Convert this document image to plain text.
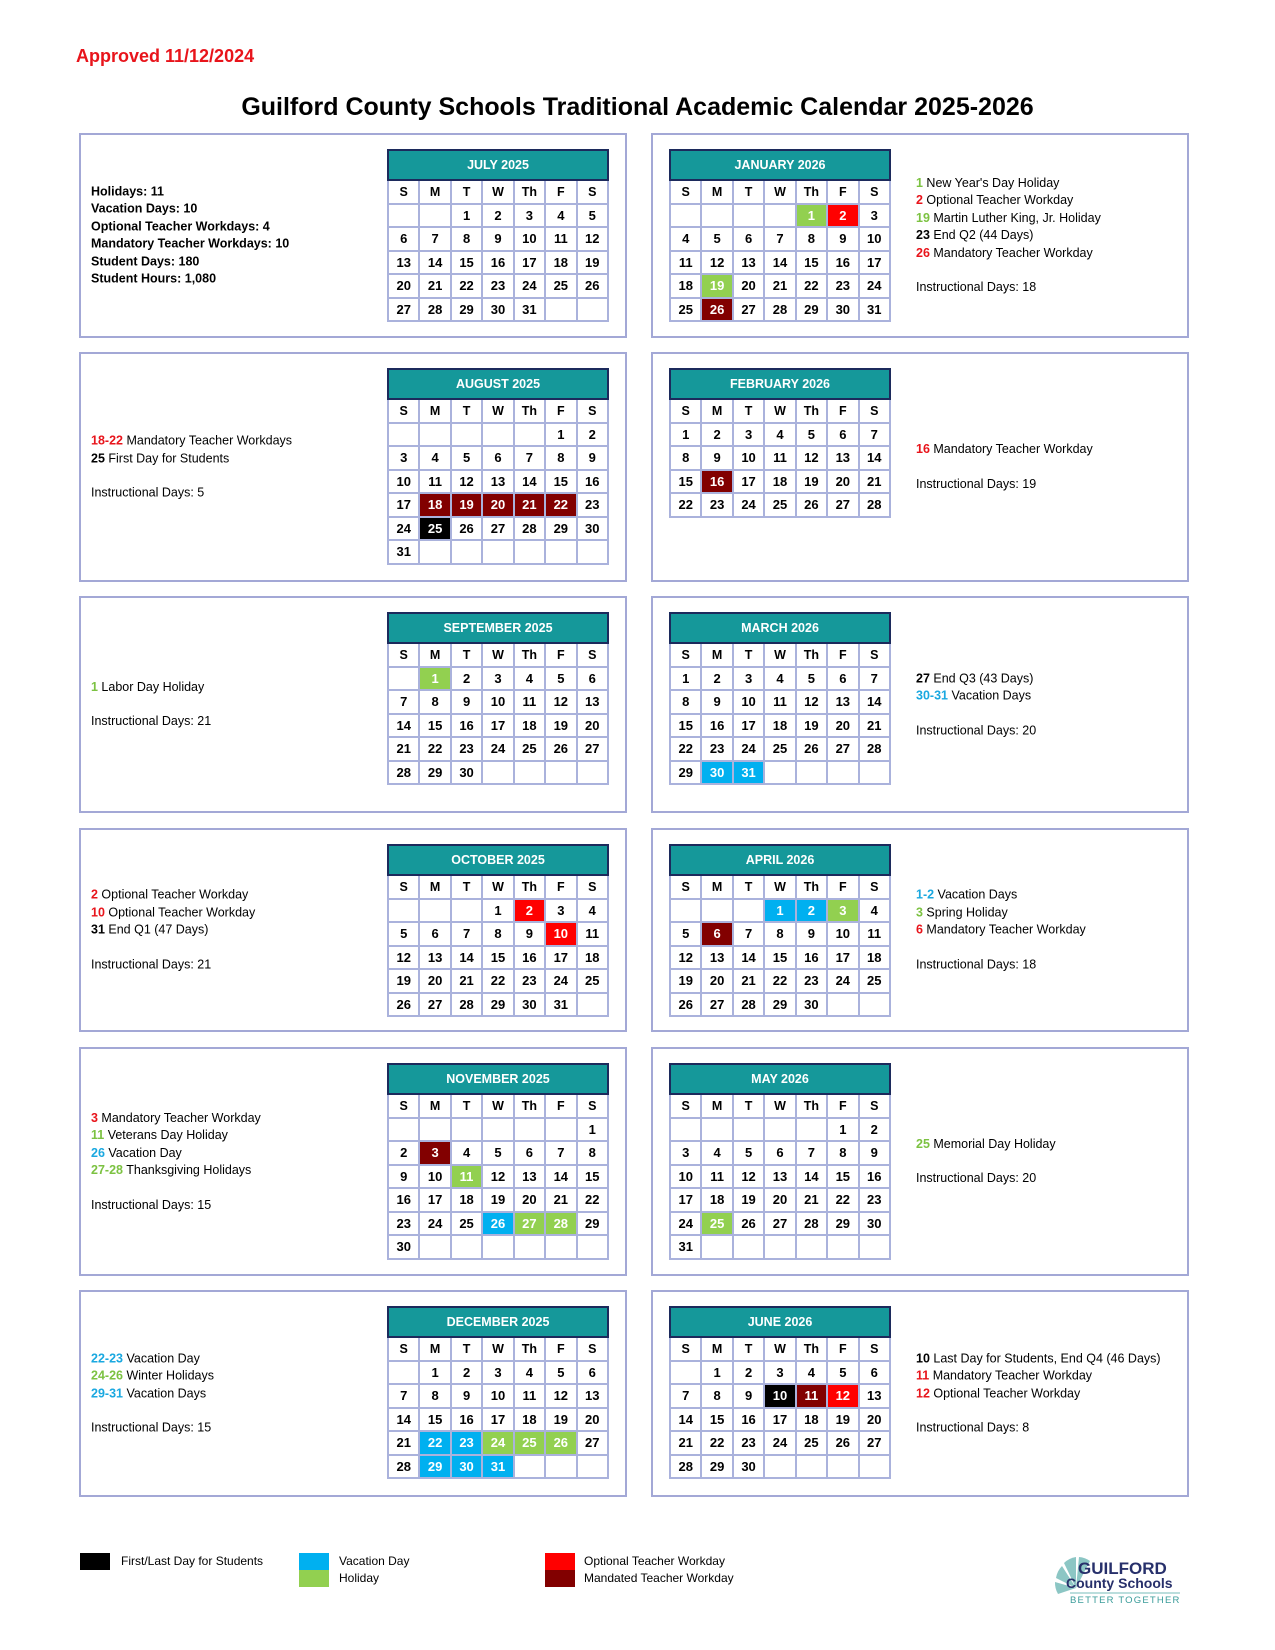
Approved 11/12/2024
Guilford County Schools Traditional Academic Calendar 2025-2026
JULY 2025						
S	M	T	W	Th	F	S
		1	2	3	4	5
6	7	8	9	10	11	12
13	14	15	16	17	18	19
20	21	22	23	24	25	26
27	28	29	30	31		
Holidays: 11
Vacation Days: 10
Optional Teacher Workdays: 4
Mandatory Teacher Workdays: 10
Student Days: 180
Student Hours: 1,080
JANUARY 2026						
S	M	T	W	Th	F	S
				1	2	3
4	5	6	7	8	9	10
11	12	13	14	15	16	17
18	19	20	21	22	23	24
25	26	27	28	29	30	31
1 New Year's Day Holiday
2 Optional Teacher Workday
19 Martin Luther King, Jr. Holiday
23 End Q2 (44 Days)
26 Mandatory Teacher Workday
Instructional Days: 18
AUGUST 2025						
S	M	T	W	Th	F	S
					1	2
3	4	5	6	7	8	9
10	11	12	13	14	15	16
17	18	19	20	21	22	23
24	25	26	27	28	29	30
31						
18-22 Mandatory Teacher Workdays
25 First Day for Students
Instructional Days: 5
FEBRUARY 2026						
S	M	T	W	Th	F	S
1	2	3	4	5	6	7
8	9	10	11	12	13	14
15	16	17	18	19	20	21
22	23	24	25	26	27	28
16 Mandatory Teacher Workday
Instructional Days: 19
SEPTEMBER 2025						
S	M	T	W	Th	F	S
	1	2	3	4	5	6
7	8	9	10	11	12	13
14	15	16	17	18	19	20
21	22	23	24	25	26	27
28	29	30				
1 Labor Day Holiday
Instructional Days: 21
MARCH 2026						
S	M	T	W	Th	F	S
1	2	3	4	5	6	7
8	9	10	11	12	13	14
15	16	17	18	19	20	21
22	23	24	25	26	27	28
29	30	31				
27 End Q3 (43 Days)
30-31 Vacation Days
Instructional Days: 20
OCTOBER 2025						
S	M	T	W	Th	F	S
			1	2	3	4
5	6	7	8	9	10	11
12	13	14	15	16	17	18
19	20	21	22	23	24	25
26	27	28	29	30	31	
2 Optional Teacher Workday
10 Optional Teacher Workday
31 End Q1 (47 Days)
Instructional Days: 21
APRIL 2026						
S	M	T	W	Th	F	S
			1	2	3	4
5	6	7	8	9	10	11
12	13	14	15	16	17	18
19	20	21	22	23	24	25
26	27	28	29	30		
1-2 Vacation Days
3 Spring Holiday
6 Mandatory Teacher Workday
Instructional Days: 18
NOVEMBER 2025						
S	M	T	W	Th	F	S
						1
2	3	4	5	6	7	8
9	10	11	12	13	14	15
16	17	18	19	20	21	22
23	24	25	26	27	28	29
30						
3 Mandatory Teacher Workday
11 Veterans Day Holiday
26 Vacation Day
27-28 Thanksgiving Holidays
Instructional Days: 15
MAY 2026						
S	M	T	W	Th	F	S
					1	2
3	4	5	6	7	8	9
10	11	12	13	14	15	16
17	18	19	20	21	22	23
24	25	26	27	28	29	30
31						
25 Memorial Day Holiday
Instructional Days: 20
DECEMBER 2025						
S	M	T	W	Th	F	S
	1	2	3	4	5	6
7	8	9	10	11	12	13
14	15	16	17	18	19	20
21	22	23	24	25	26	27
28	29	30	31			
22-23 Vacation Day
24-26 Winter Holidays
29-31 Vacation Days
Instructional Days: 15
JUNE 2026						
S	M	T	W	Th	F	S
	1	2	3	4	5	6
7	8	9	10	11	12	13
14	15	16	17	18	19	20
21	22	23	24	25	26	27
28	29	30				
10 Last Day for Students, End Q4 (46 Days)
11 Mandatory Teacher Workday
12 Optional Teacher Workday
Instructional Days: 8
First/Last Day for Students	Vacation Day
Holiday
Optional Teacher Workday
Mandated Teacher Workday	GUILFORD
County Schools
BETTER TOGETHER
